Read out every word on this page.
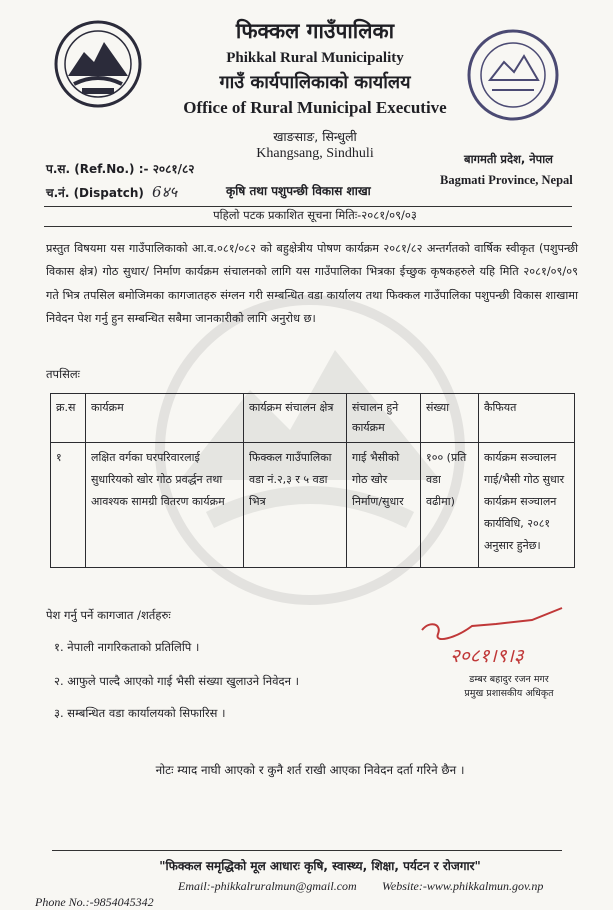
फिक्कल गाउँपालिका
Phikkal Rural Municipality
गाउँ कार्यपालिकाको कार्यालय
Office of Rural Municipal Executive
खाङसाङ, सिन्धुली
Khangsang, Sindhuli
प.स. (Ref.No.) :- २०८१/८२
च.नं. (Dispatch) 6४५	कृषि तथा पशुपन्छी विकास शाखा
बागमती प्रदेश, नेपाल
Bagmati Province, Nepal
पहिलो पटक प्रकाशित सूचना मितिः-२०८१/०९/०३
प्रस्तुत विषयमा यस गाउँपालिकाको आ.व.०८१/०८२ को बहुक्षेत्रीय पोषण कार्यक्रम २०८१/८२ अन्तर्गतको वार्षिक स्वीकृत (पशुपन्छी विकास क्षेत्र) गोठ सुधार/ निर्माण कार्यक्रम संचालनको लागि यस गाउँपालिका भित्रका ईच्छुक कृषकहरुले यहि मिति २०८१/०९/०९ गते भित्र तपसिल बमोजिमका कागजातहरु संग्लन गरी सम्बन्धित वडा कार्यालय तथा फिक्कल गाउँपालिका पशुपन्छी विकास शाखामा निवेदन पेश गर्नु हुन सम्बन्धित सबैमा जानकारीको लागि अनुरोध छ।
तपसिलः
क्र.स	कार्यक्रम	कार्यक्रम संचालन क्षेत्र	संचालन हुने कार्यक्रम	संख्या	कैफियत
१	लक्षित वर्गका घरपरिवारलाई सुधारियको खोर गोठ प्रवर्द्धन तथा आवश्यक सामग्री वितरण कार्यक्रम	फिक्कल गाउँपालिका वडा नं.२,३ र ५ वडा भित्र	गाई भैसीको गोठ खोर निर्माण/सुधार	१०० (प्रति वडा वढीमा)	कार्यक्रम सञ्चालन गाई/भैसी गोठ सुधार कार्यक्रम सञ्चालन कार्यविधि, २०८१ अनुसार हुनेछ।
पेश गर्नु पर्ने कागजात /शर्तहरुः
१. नेपाली नागरिकताको प्रतिलिपि ।
२. आफुले पाल्दै आएको गाई भैसी संख्या खुलाउने निवेदन ।
३. सम्बन्धित वडा कार्यालयको सिफारिस ।
२०८१।९।३
डम्बर बहादुर रजन मगर
प्रमुख प्रशासकीय अधिकृत
नोटः म्याद नाघी आएको र कुनै शर्त राखी आएका निवेदन दर्ता गरिने छैन ।
"फिक्कल समृद्धिको मूल आधारः कृषि, स्वास्थ्य, शिक्षा, पर्यटन र रोजगार"
Email:-phikkalruralmun@gmail.com Website:-www.phikkalmun.gov.np
Phone No.:-9854045342
